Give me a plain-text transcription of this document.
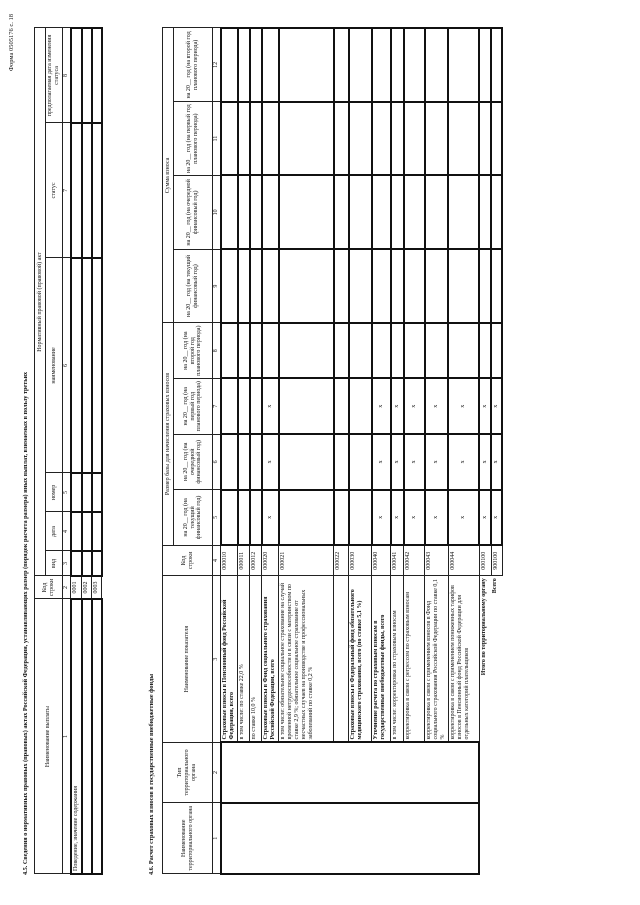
Форма 0505176 с. 18
4.5. Сведения о нормативных правовых (правовых) актах Российской Федерации, устанавливающих размер (порядок расчета размера) иных выплат, взимаемых в пользу третьих	Наименование выплаты	Код строки	Нормативный правовой (правовой) акт					
		вид	дата	номер	наименование	статус	предполагаемая дата изменения статуса
1	2	3	4	5	6	7	8
Поведение, значение содержания	0001						
	0002						
	0003						
4.6. Расчет страховых взносов в государственные внебюджетные фонды	Наименование территориального органа	Тип территориального органа	Наименование показателя	Код строки	Размер базы для начисления страховых взносов				Сумма взноса			
				на 20__ год (на текущий финансовый год)	на 20__ год (на очередной финансовый год)	на 20__ год (на первый год планового периода)	на 20__ год (на второй год планового периода)	на 20__ год (на текущий финансовый год)	на 20__ год (на очередной финансовый год)	на 20__ год (на первый год планового периода)	на 20__ год (на второй год планового периода)
1	2	3	4	5	6	7	8	9	10	11	12
		Страховые взносы в Пенсионный фонд Российской Федерации, всего	000010								
		в том числе: по ставке 22,0 %	000011								
		по ставке 10,0 %	000012								
		Страховые взносы в Фонд социального страхования Российской Федерации, всего	000020	х	х	х					
		в том числе: обязательное социальное страхование на случай временной нетрудоспособности и в связи с материнством по ставке 2,9 %; обязательное социальное страхование от несчастных случаев на производстве и профессиональных заболеваний по ставке 0,2 %	000021								
			000022								
		Страховые взносы в Федеральный фонд обязательного медицинского страхования, всего (по ставке 5,1 %)	000030								
		Уточнение расчета по страховым взносам в государственные внебюджетные фонды, всего	000040	х	х	х					
		в том числе: корректировка по страховым взносам	000041	х	х	х					
		корректировка в связи с регрессом по страховым взносам	000042	х	х	х					
		корректировка в связи с применением взносов в Фонд социального страхования Российской Федерации по ставке 0,1 %	000043	х	х	х					
		корректировка в связи с применением пониженных тарифов взносов в Пенсионный фонд Российской Федерации для отдельных категорий плательщиков	000044	х	х	х					
Итого по территориальному органу			000100	х	х	х					
Всего			900100	х	х	х					
